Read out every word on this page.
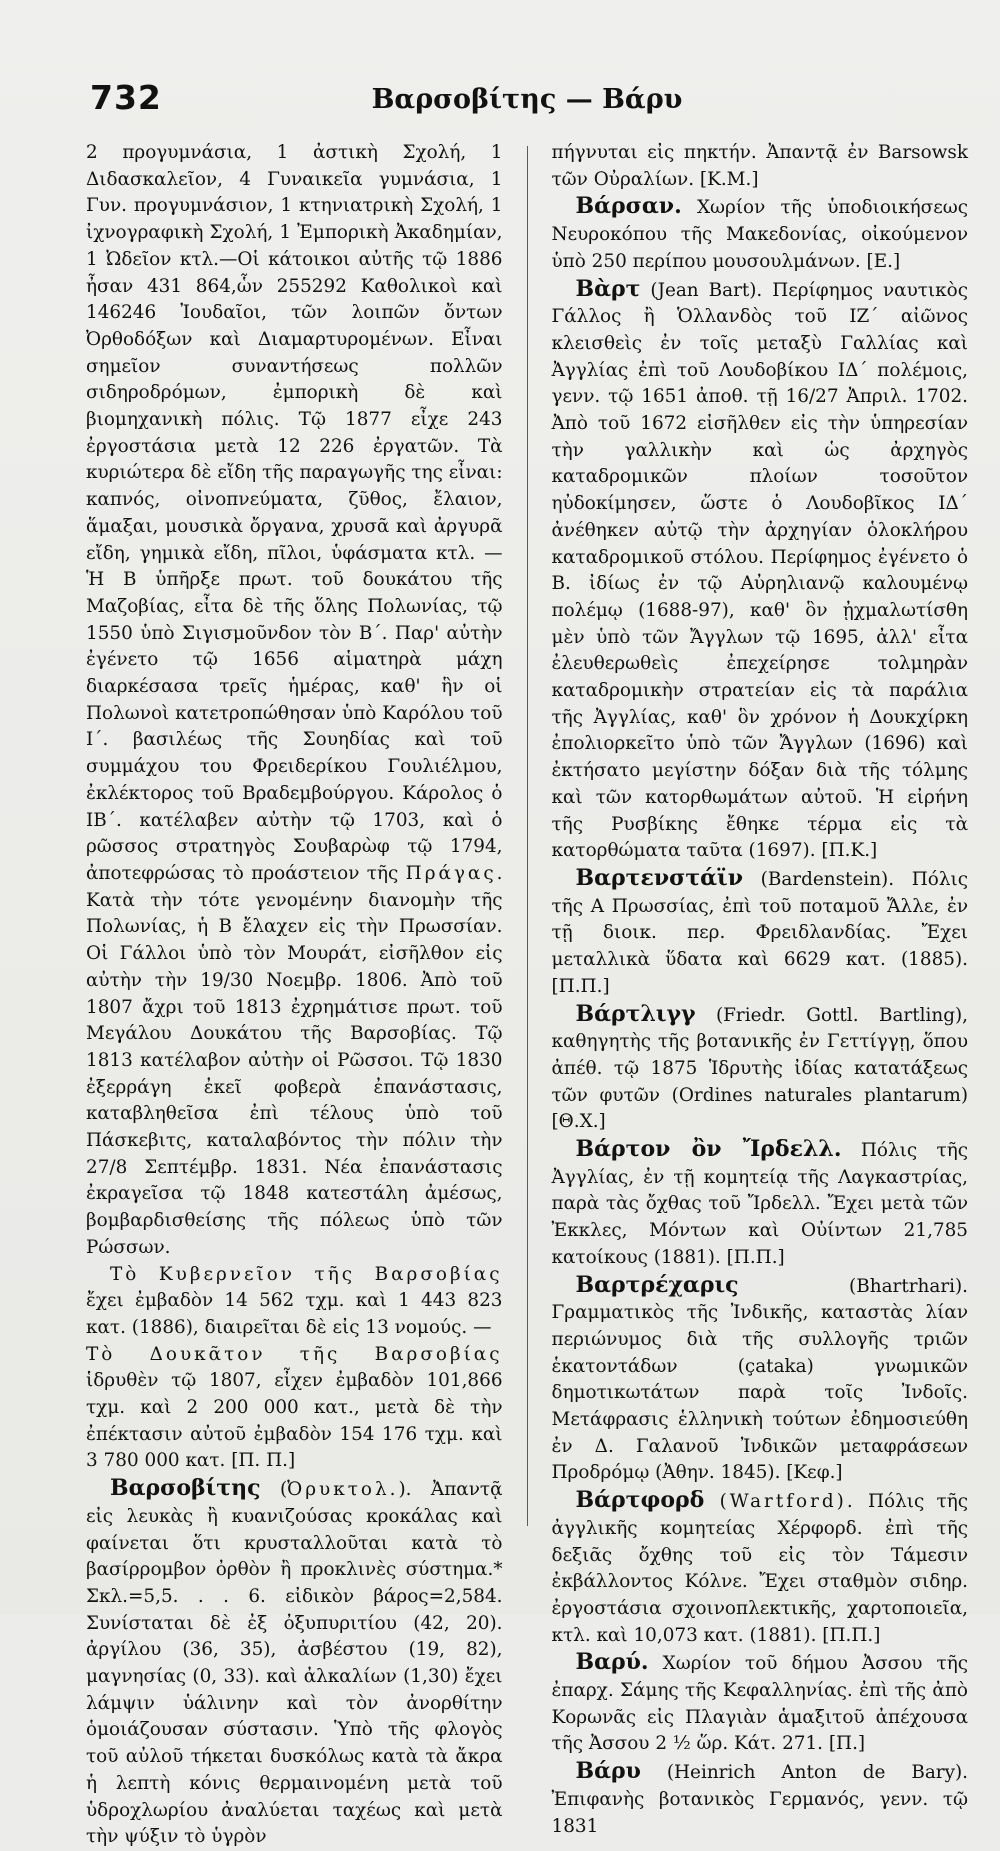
732	Βαρσοβίτης — Βάρυ

2 προγυμνάσια, 1 ἀστικὴ Σχολή, 1 Διδασκαλεῖον, 4 Γυναικεῖα γυμνάσια, 1 Γυν. προγυμνάσιον, 1 κτηνιατρικὴ Σχολή, 1 ἰχνογραφικὴ Σχολή, 1 Ἐμπορικὴ Ἀκαδημίαν, 1 Ὠδεῖον κτλ.—Οἱ κάτοικοι αὐτῆς τῷ 1886 ἦσαν 431 864,ὧν 255292 Καθολικοὶ καὶ 146246 Ἰουδαῖοι, τῶν λοιπῶν ὄντων Ὀρθοδόξων καὶ Διαμαρτυρομένων. Εἶναι σημεῖον συναντήσεως πολλῶν σιδηροδρόμων, ἐμπορικὴ δὲ καὶ βιομηχανικὴ πόλις. Τῷ 1877 εἶχε 243 ἐργοστάσια μετὰ 12 226 ἐργατῶν. Τὰ κυριώτερα δὲ εἴδη τῆς παραγωγῆς της εἶναι: καπνός, οἰνοπνεύματα, ζῦθος, ἔλαιον, ἅμαξαι, μουσικὰ ὄργανα, χρυσᾶ καὶ ἀργυρᾶ εἴδη, γημικὰ εἴδη, πῖλοι, ὑφάσματα κτλ. — Ἡ Β ὑπῆρξε πρωτ. τοῦ δουκάτου τῆς Μαζοβίας, εἶτα δὲ τῆς ὅλης Πολωνίας, τῷ 1550 ὑπὸ Σιγισμοῦνδον τὸν Β΄. Παρ' αὐτὴν ἐγένετο τῷ 1656 αἱματηρὰ μάχη διαρκέσασα τρεῖς ἡμέρας, καθ' ἣν οἱ Πολωνοὶ κατετροπώθησαν ὑπὸ Καρόλου τοῦ Ι΄. βασιλέως τῆς Σουηδίας καὶ τοῦ συμμάχου του Φρειδερίκου Γουλιέλμου, ἐκλέκτορος τοῦ Βραδεμβούργου. Κάρολος ὁ ΙΒ΄. κατέλαβεν αὐτὴν τῷ 1703, καὶ ὁ ρῶσσος στρατηγὸς Σουβαρὼφ τῷ 1794, ἀποτεφρώσας τὸ προάστειον τῆς Πράγας. Κατὰ τὴν τότε γενομένην διανομὴν τῆς Πολωνίας, ἡ Β ἔλαχεν εἰς τὴν Πρωσσίαν. Οἱ Γάλλοι ὑπὸ τὸν Μουράτ, εἰσῆλθον εἰς αὐτὴν τὴν 19/30 Νοεμβρ. 1806. Ἀπὸ τοῦ 1807 ἄχρι τοῦ 1813 ἐχρημάτισε πρωτ. τοῦ Μεγάλου Δουκάτου τῆς Βαρσοβίας. Τῷ 1813 κατέλαβον αὐτὴν οἱ Ρῶσσοι. Τῷ 1830 ἐξερράγη ἐκεῖ φοβερὰ ἐπανάστασις, καταβληθεῖσα ἐπὶ τέλους ὑπὸ τοῦ Πάσκεβιτς, καταλαβόντος τὴν πόλιν τὴν 27/8 Σεπτέμβρ. 1831. Νέα ἐπανάστασις ἐκραγεῖσα τῷ 1848 κατεστάλη ἀμέσως, βομβαρδισθείσης τῆς πόλεως ὑπὸ τῶν Ρώσσων.

Τὸ Κυβερνεῖον τῆς Βαρσοβίας ἔχει ἐμβαδὸν 14 562 τχμ. καὶ 1 443 823 κατ. (1886), διαιρεῖται δὲ εἰς 13 νομούς. —

Τὸ Δουκᾶτον τῆς Βαρσοβίας ἱδρυθὲν τῷ 1807, εἶχεν ἐμβαδὸν 101,866 τχμ. καὶ 2 200 000 κατ., μετὰ δὲ τὴν ἐπέκτασιν αὐτοῦ ἐμβαδὸν 154 176 τχμ. καὶ 3 780 000 κατ. [Π. Π.]

Βαρσοβίτης (Ὀρυκτολ.). Ἀπαντᾷ εἰς λευκὰς ἢ κυανιζούσας κροκάλας καὶ φαίνεται ὅτι κρυσταλλοῦται κατὰ τὸ βασίρρομβον ὀρθὸν ἢ προκλινὲς σύστημα.* Σκλ.=5,5. . . 6. εἰδικὸν βάρος=2,584. Συνίσταται δὲ ἐξ ὀξυπυριτίου (42, 20). ἀργίλου (36, 35), ἀσβέστου (19, 82), μαγνησίας (0, 33). καὶ ἀλκαλίων (1,30) ἔχει λάμψιν ὑάλινην καὶ τὸν ἀνορθίτην ὁμοιάζουσαν σύστασιν. Ὑπὸ τῆς φλογὸς τοῦ αὐλοῦ τήκεται δυσκόλως κατὰ τὰ ἄκρα ἡ λεπτὴ κόνις θερμαινομένη μετὰ τοῦ ὑδροχλωρίου ἀναλύεται ταχέως καὶ μετὰ τὴν ψύξιν τὸ ὑγρὸν

πήγνυται εἰς πηκτήν. Ἀπαντᾷ ἐν Barsowsk τῶν Οὐραλίων. [Κ.Μ.]

Βάρσαν. Χωρίον τῆς ὑποδιοικήσεως Νευροκόπου τῆς Μακεδονίας, οἰκούμενον ὑπὸ 250 περίπου μουσουλμάνων. [Ε.]

Βὰρτ (Jean Bart). Περίφημος ναυτικὸς Γάλλος ἢ Ὁλλανδὸς τοῦ ΙΖ΄ αἰῶνος κλεισθεὶς ἐν τοῖς μεταξὺ Γαλλίας καὶ Ἀγγλίας ἐπὶ τοῦ Λουδοβίκου ΙΔ΄ πολέμοις, γενν. τῷ 1651 ἀποθ. τῇ 16/27 Ἀπριλ. 1702. Ἀπὸ τοῦ 1672 εἰσῆλθεν εἰς τὴν ὑπηρεσίαν τὴν γαλλικὴν καὶ ὡς ἀρχηγὸς καταδρομικῶν πλοίων τοσοῦτον ηὐδοκίμησεν, ὥστε ὁ Λουδοβῖκος ΙΔ΄ ἀνέθηκεν αὐτῷ τὴν ἀρχηγίαν ὁλοκλήρου καταδρομικοῦ στόλου. Περίφημος ἐγένετο ὁ Β. ἰδίως ἐν τῷ Αὐρηλιανῷ καλουμένῳ πολέμῳ (1688-97), καθ' ὃν ᾐχμαλωτίσθη μὲν ὑπὸ τῶν Ἄγγλων τῷ 1695, ἀλλ' εἶτα ἐλευθερωθεὶς ἐπεχείρησε τολμηρὰν καταδρομικὴν στρατείαν εἰς τὰ παράλια τῆς Ἀγγλίας, καθ' ὃν χρόνον ἡ Δουκχίρκη ἐπολιορκεῖτο ὑπὸ τῶν Ἄγγλων (1696) καὶ ἐκτήσατο μεγίστην δόξαν διὰ τῆς τόλμης καὶ τῶν κατορθωμάτων αὐτοῦ. Ἡ εἰρήνη τῆς Ρυσβίκης ἔθηκε τέρμα εἰς τὰ κατορθώματα ταῦτα (1697). [Π.Κ.]

Βαρτενστάϊν (Bardenstein). Πόλις τῆς Α Πρωσσίας, ἐπὶ τοῦ ποταμοῦ Ἄλλε, ἐν τῇ διοικ. περ. Φρειδλανδίας. Ἔχει μεταλλικὰ ὕδατα καὶ 6629 κατ. (1885). [Π.Π.]

Βάρτλιγγ (Friedr. Gottl. Bartling), καθηγητὴς τῆς βοτανικῆς ἐν Γεττίγγῃ, ὅπου ἀπέθ. τῷ 1875 Ἱδρυτὴς ἰδίας κατατάξεως τῶν φυτῶν (Ordines naturales plantarum) [Θ.Χ.]

Βάρτον ὂν Ἴρδελλ. Πόλις τῆς Ἀγγλίας, ἐν τῇ κομητείᾳ τῆς Λαγκαστρίας, παρὰ τὰς ὄχθας τοῦ Ἴρδελλ. Ἔχει μετὰ τῶν Ἐκκλες, Μόντων καὶ Οὐίντων 21,785 κατοίκους (1881). [Π.Π.]

Βαρτρέχαρις (Bhartrhari). Γραμματικὸς τῆς Ἰνδικῆς, καταστὰς λίαν περιώνυμος διὰ τῆς συλλογῆς τριῶν ἑκατοντάδων (çataka) γνωμικῶν δημοτικωτάτων παρὰ τοῖς Ἰνδοῖς. Μετάφρασις ἑλληνικὴ τούτων ἐδημοσιεύθη ἐν Δ. Γαλανοῦ Ἰνδικῶν μεταφράσεων Προδρόμῳ (Ἀθην. 1845). [Κεφ.]

Βάρτφορδ (Wartford). Πόλις τῆς ἀγγλικῆς κομητείας Χέρφορδ. ἐπὶ τῆς δεξιᾶς ὄχθης τοῦ εἰς τὸν Τάμεσιν ἐκβάλλοντος Κόλνε. Ἔχει σταθμὸν σιδηρ. ἐργοστάσια σχοινοπλεκτικῆς, χαρτοποιεῖα, κτλ. καὶ 10,073 κατ. (1881). [Π.Π.]

Βαρύ. Χωρίον τοῦ δήμου Ἀσσου τῆς ἐπαρχ. Σάμης τῆς Κεφαλληνίας. ἐπὶ τῆς ἀπὸ Κορωνᾶς εἰς Πλαγιὰν ἁμαξιτοῦ ἀπέχουσα τῆς Ἀσσου 2 ½ ὥρ. Κάτ. 271. [Π.]

Βάρυ (Heinrich Anton de Bary). Ἐπιφανὴς βοτανικὸς Γερμανός, γενν. τῷ 1831
